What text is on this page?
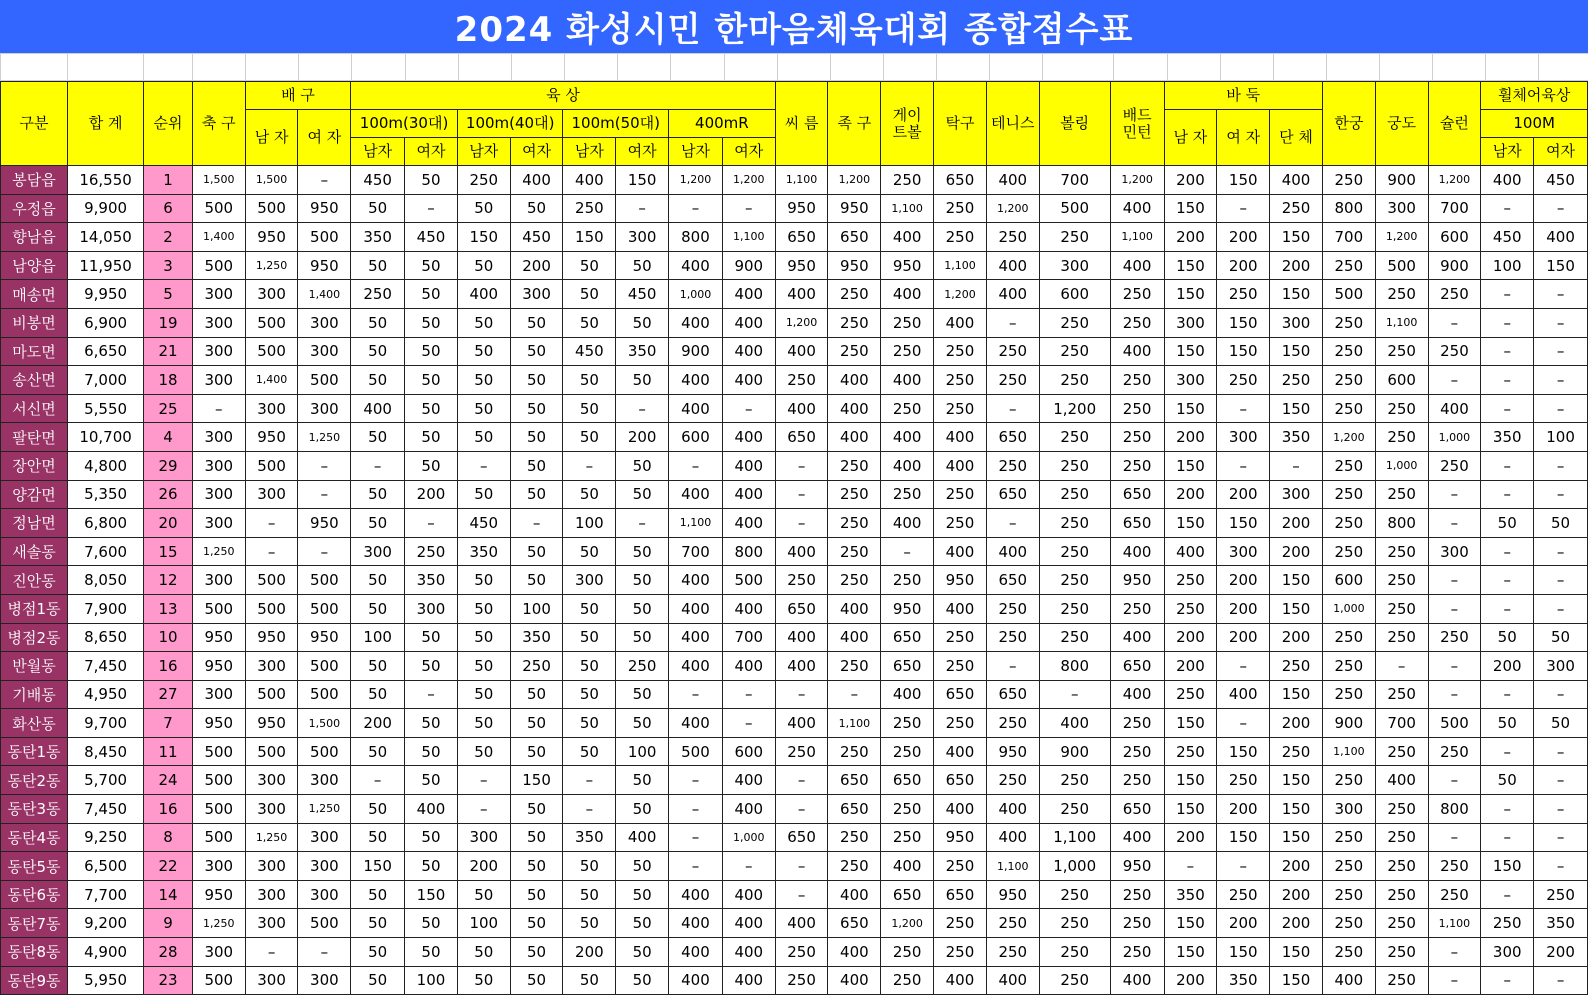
2024 화성시민 한마음체육대회 종합점수표

구분	합 계	순위	축 구	배 구		육 상								씨 름	족 구	게이트볼	탁구	테니스	볼링	배드민턴	바 둑			한궁	궁도	슐런	휠체어육상	
				남 자	여 자	100m(30대)		100m(40대)		100m(50대)		400mR									남 자	여 자	단 체				100M	
						남자	여자	남자	여자	남자	여자	남자	여자														남자	여자
봉담읍	16,550	1	1,500	1,500	–	450	50	250	400	400	150	1,200	1,200	1,100	1,200	250	650	400	700	1,200	200	150	400	250	900	1,200	400	450
우정읍	9,900	6	500	500	950	50	–	50	50	250	–	–	–	950	950	1,100	250	1,200	500	400	150	–	250	800	300	700	–	–
향남읍	14,050	2	1,400	950	500	350	450	150	450	150	300	800	1,100	650	650	400	250	250	250	1,100	200	200	150	700	1,200	600	450	400
남양읍	11,950	3	500	1,250	950	50	50	50	200	50	50	400	900	950	950	950	1,100	400	300	400	150	200	200	250	500	900	100	150
매송면	9,950	5	300	300	1,400	250	50	400	300	50	450	1,000	400	400	250	400	1,200	400	600	250	150	250	150	500	250	250	–	–
비봉면	6,900	19	300	500	300	50	50	50	50	50	50	400	400	1,200	250	250	400	–	250	250	300	150	300	250	1,100	–	–	–
마도면	6,650	21	300	500	300	50	50	50	50	450	350	900	400	400	250	250	250	250	250	400	150	150	150	250	250	250	–	–
송산면	7,000	18	300	1,400	500	50	50	50	50	50	50	400	400	250	400	400	250	250	250	250	300	250	250	250	600	–	–	–
서신면	5,550	25	–	300	300	400	50	50	50	50	–	400	–	400	400	250	250	–	1,200	250	150	–	150	250	250	400	–	–
팔탄면	10,700	4	300	950	1,250	50	50	50	50	50	200	600	400	650	400	400	400	650	250	250	200	300	350	1,200	250	1,000	350	100
장안면	4,800	29	300	500	–	–	50	–	50	–	50	–	400	–	250	400	400	250	250	250	150	–	–	250	1,000	250	–	–
양감면	5,350	26	300	300	–	50	200	50	50	50	50	400	400	–	250	250	250	650	250	650	200	200	300	250	250	–	–	–
정남면	6,800	20	300	–	950	50	–	450	–	100	–	1,100	400	–	250	400	250	–	250	650	150	150	200	250	800	–	50	50
새솔동	7,600	15	1,250	–	–	300	250	350	50	50	50	700	800	400	250	–	400	400	250	400	400	300	200	250	250	300	–	–
진안동	8,050	12	300	500	500	50	350	50	50	300	50	400	500	250	250	250	950	650	250	950	250	200	150	600	250	–	–	–
병점1동	7,900	13	500	500	500	50	300	50	100	50	50	400	400	650	400	950	400	250	250	250	250	200	150	1,000	250	–	–	–
병점2동	8,650	10	950	950	950	100	50	50	350	50	50	400	700	400	400	650	250	250	250	400	200	200	200	250	250	250	50	50
반월동	7,450	16	950	300	500	50	50	50	250	50	250	400	400	400	250	650	250	–	800	650	200	–	250	250	–	–	200	300
기배동	4,950	27	300	500	500	50	–	50	50	50	50	–	–	–	–	400	650	650	–	400	250	400	150	250	250	–	–	–
화산동	9,700	7	950	950	1,500	200	50	50	50	50	50	400	–	400	1,100	250	250	250	400	250	150	–	200	900	700	500	50	50
동탄1동	8,450	11	500	500	500	50	50	50	50	50	100	500	600	250	250	250	400	950	900	250	250	150	250	1,100	250	250	–	–
동탄2동	5,700	24	500	300	300	–	50	–	150	–	50	–	400	–	650	650	650	250	250	250	150	250	150	250	400	–	50	–
동탄3동	7,450	16	500	300	1,250	50	400	–	50	–	50	–	400	–	650	250	400	400	250	650	150	200	150	300	250	800	–	–
동탄4동	9,250	8	500	1,250	300	50	50	300	50	350	400	–	1,000	650	250	250	950	400	1,100	400	200	150	150	250	250	–	–	–
동탄5동	6,500	22	300	300	300	150	50	200	50	50	50	–	–	–	250	400	250	1,100	1,000	950	–	–	200	250	250	250	150	–
동탄6동	7,700	14	950	300	300	50	150	50	50	50	50	400	400	–	400	650	650	950	250	250	350	250	200	250	250	250	–	250
동탄7동	9,200	9	1,250	300	500	50	50	100	50	50	50	400	400	400	650	1,200	250	250	250	250	150	200	200	250	250	1,100	250	350
동탄8동	4,900	28	300	–	–	50	50	50	50	200	50	400	400	250	400	250	250	250	250	250	150	150	150	250	250	–	300	200
동탄9동	5,950	23	500	300	300	50	100	50	50	50	50	400	400	250	400	250	400	400	250	400	200	350	150	400	250	–	–	–
